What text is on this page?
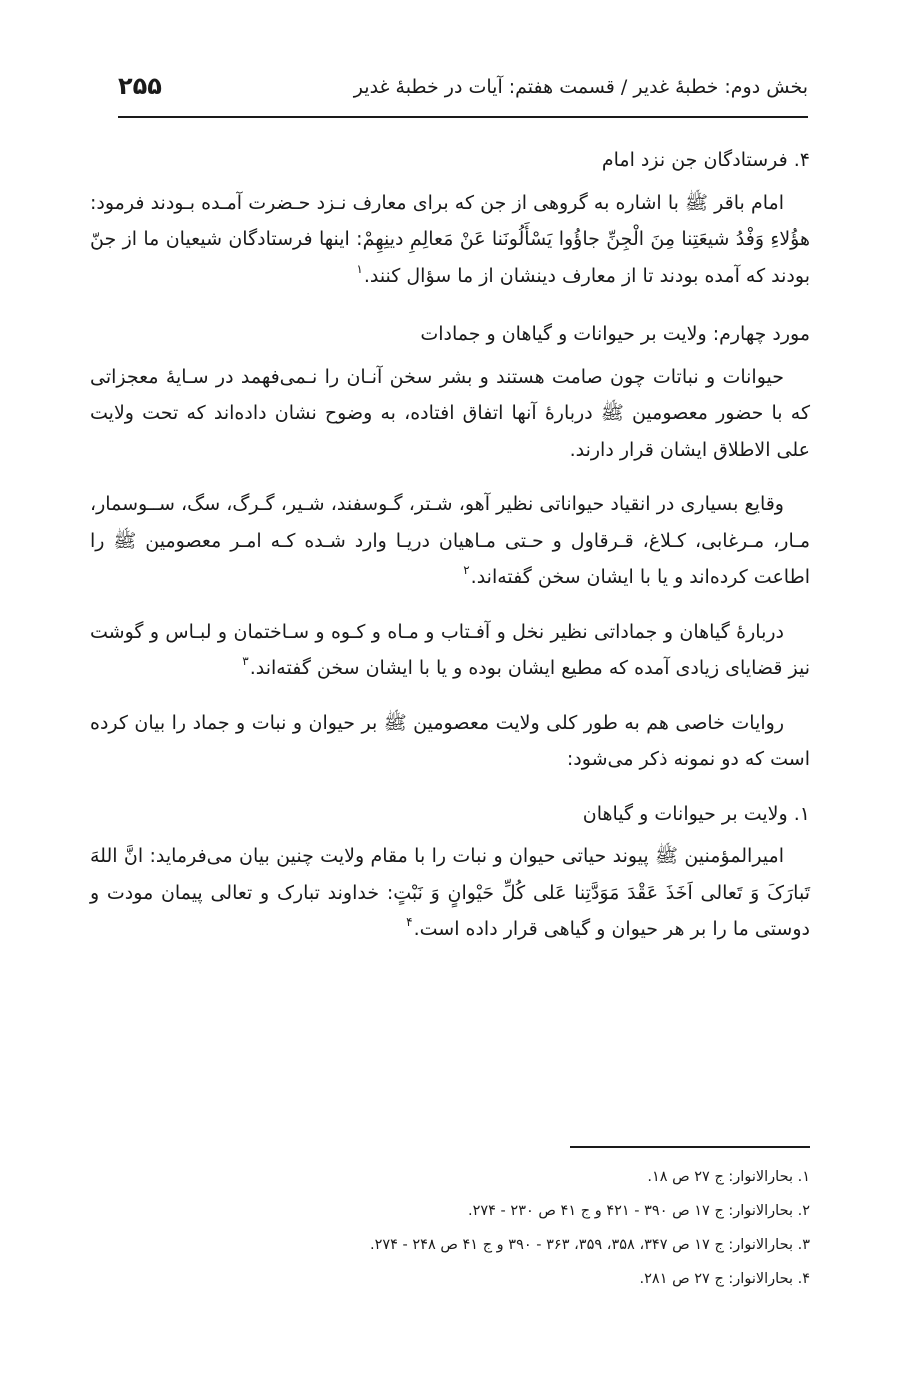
بخش دوم: خطبهٔ غدیر / قسمت هفتم: آیات در خطبهٔ غدیر
۲۵۵
۴. فرستادگان جن نزد امام

امام باقر ﷺ با اشاره به گروهی از جن که برای معارف نـزد حـضرت آمـده بـودند فرمود: هؤُلاءِ وَفْدُ شیعَتِنا مِنَ الْجِنِّ جاؤُوا یَسْأَلُونَنا عَنْ مَعالِمِ دینِهِمْ: اینها فرستادگان شیعیان ما از جنّ بودند که آمده بودند تا از معارف دینشان از ما سؤال کنند.$^۱$

مورد چهارم: ولایت بر حیوانات و گیاهان و جمادات

حیوانات و نباتات چون صامت هستند و بشر سخن آنـان را نـمی‌فهمد در سـایهٔ معجزاتی که با حضور معصومین ﷺ دربارهٔ آنها اتفاق افتاده، به وضوح نشان داده‌اند که تحت ولایت علی الاطلاق ایشان قرار دارند.

وقایع بسیاری در انقیاد حیواناتی نظیر آهو، شـتر، گـوسفند، شـیر، گـرگ، سگ، ســوسمار، مـار، مـرغابی، کـلاغ، قـرقاول و حـتی مـاهیان دریـا وارد شـده کـه امـر معصومین ﷺ را اطاعت کرده‌اند و یا با ایشان سخن گفته‌اند.$^۲$

دربارهٔ گیاهان و جماداتی نظیر نخل و آفـتاب و مـاه و کـوه و سـاختمان و لبـاس و گوشت نیز قضایای زیادی آمده که مطیع ایشان بوده و یا با ایشان سخن گفته‌اند.$^۳$

روایات خاصی هم به طور کلی ولایت معصومین ﷺ بر حیوان و نبات و جماد را بیان کرده است که دو نمونه ذکر می‌شود:

۱. ولایت بر حیوانات و گیاهان

امیرالمؤمنین ﷺ پیوند حیاتی حیوان و نبات را با مقام ولایت چنین بیان می‌فرماید: انَّ اللهَ تَبارَکَ وَ تَعالی اَخَذَ عَقْدَ مَوَدَّتِنا عَلی کُلِّ حَیْوانٍ وَ نَبْتٍ: خداوند تبارک و تعالی پیمان مودت و دوستی ما را بر هر حیوان و گیاهی قرار داده است.$^۴$

۱. بحارالانوار: ج ۲۷ ص ۱۸.
۲. بحارالانوار: ج ۱۷ ص ۳۹۰ - ۴۲۱ و ج ۴۱ ص ۲۳۰ - ۲۷۴.
۳. بحارالانوار: ج ۱۷ ص ۳۴۷، ۳۵۸، ۳۵۹، ۳۶۳ - ۳۹۰ و ج ۴۱ ص ۲۴۸ - ۲۷۴.
۴. بحارالانوار: ج ۲۷ ص ۲۸۱.
